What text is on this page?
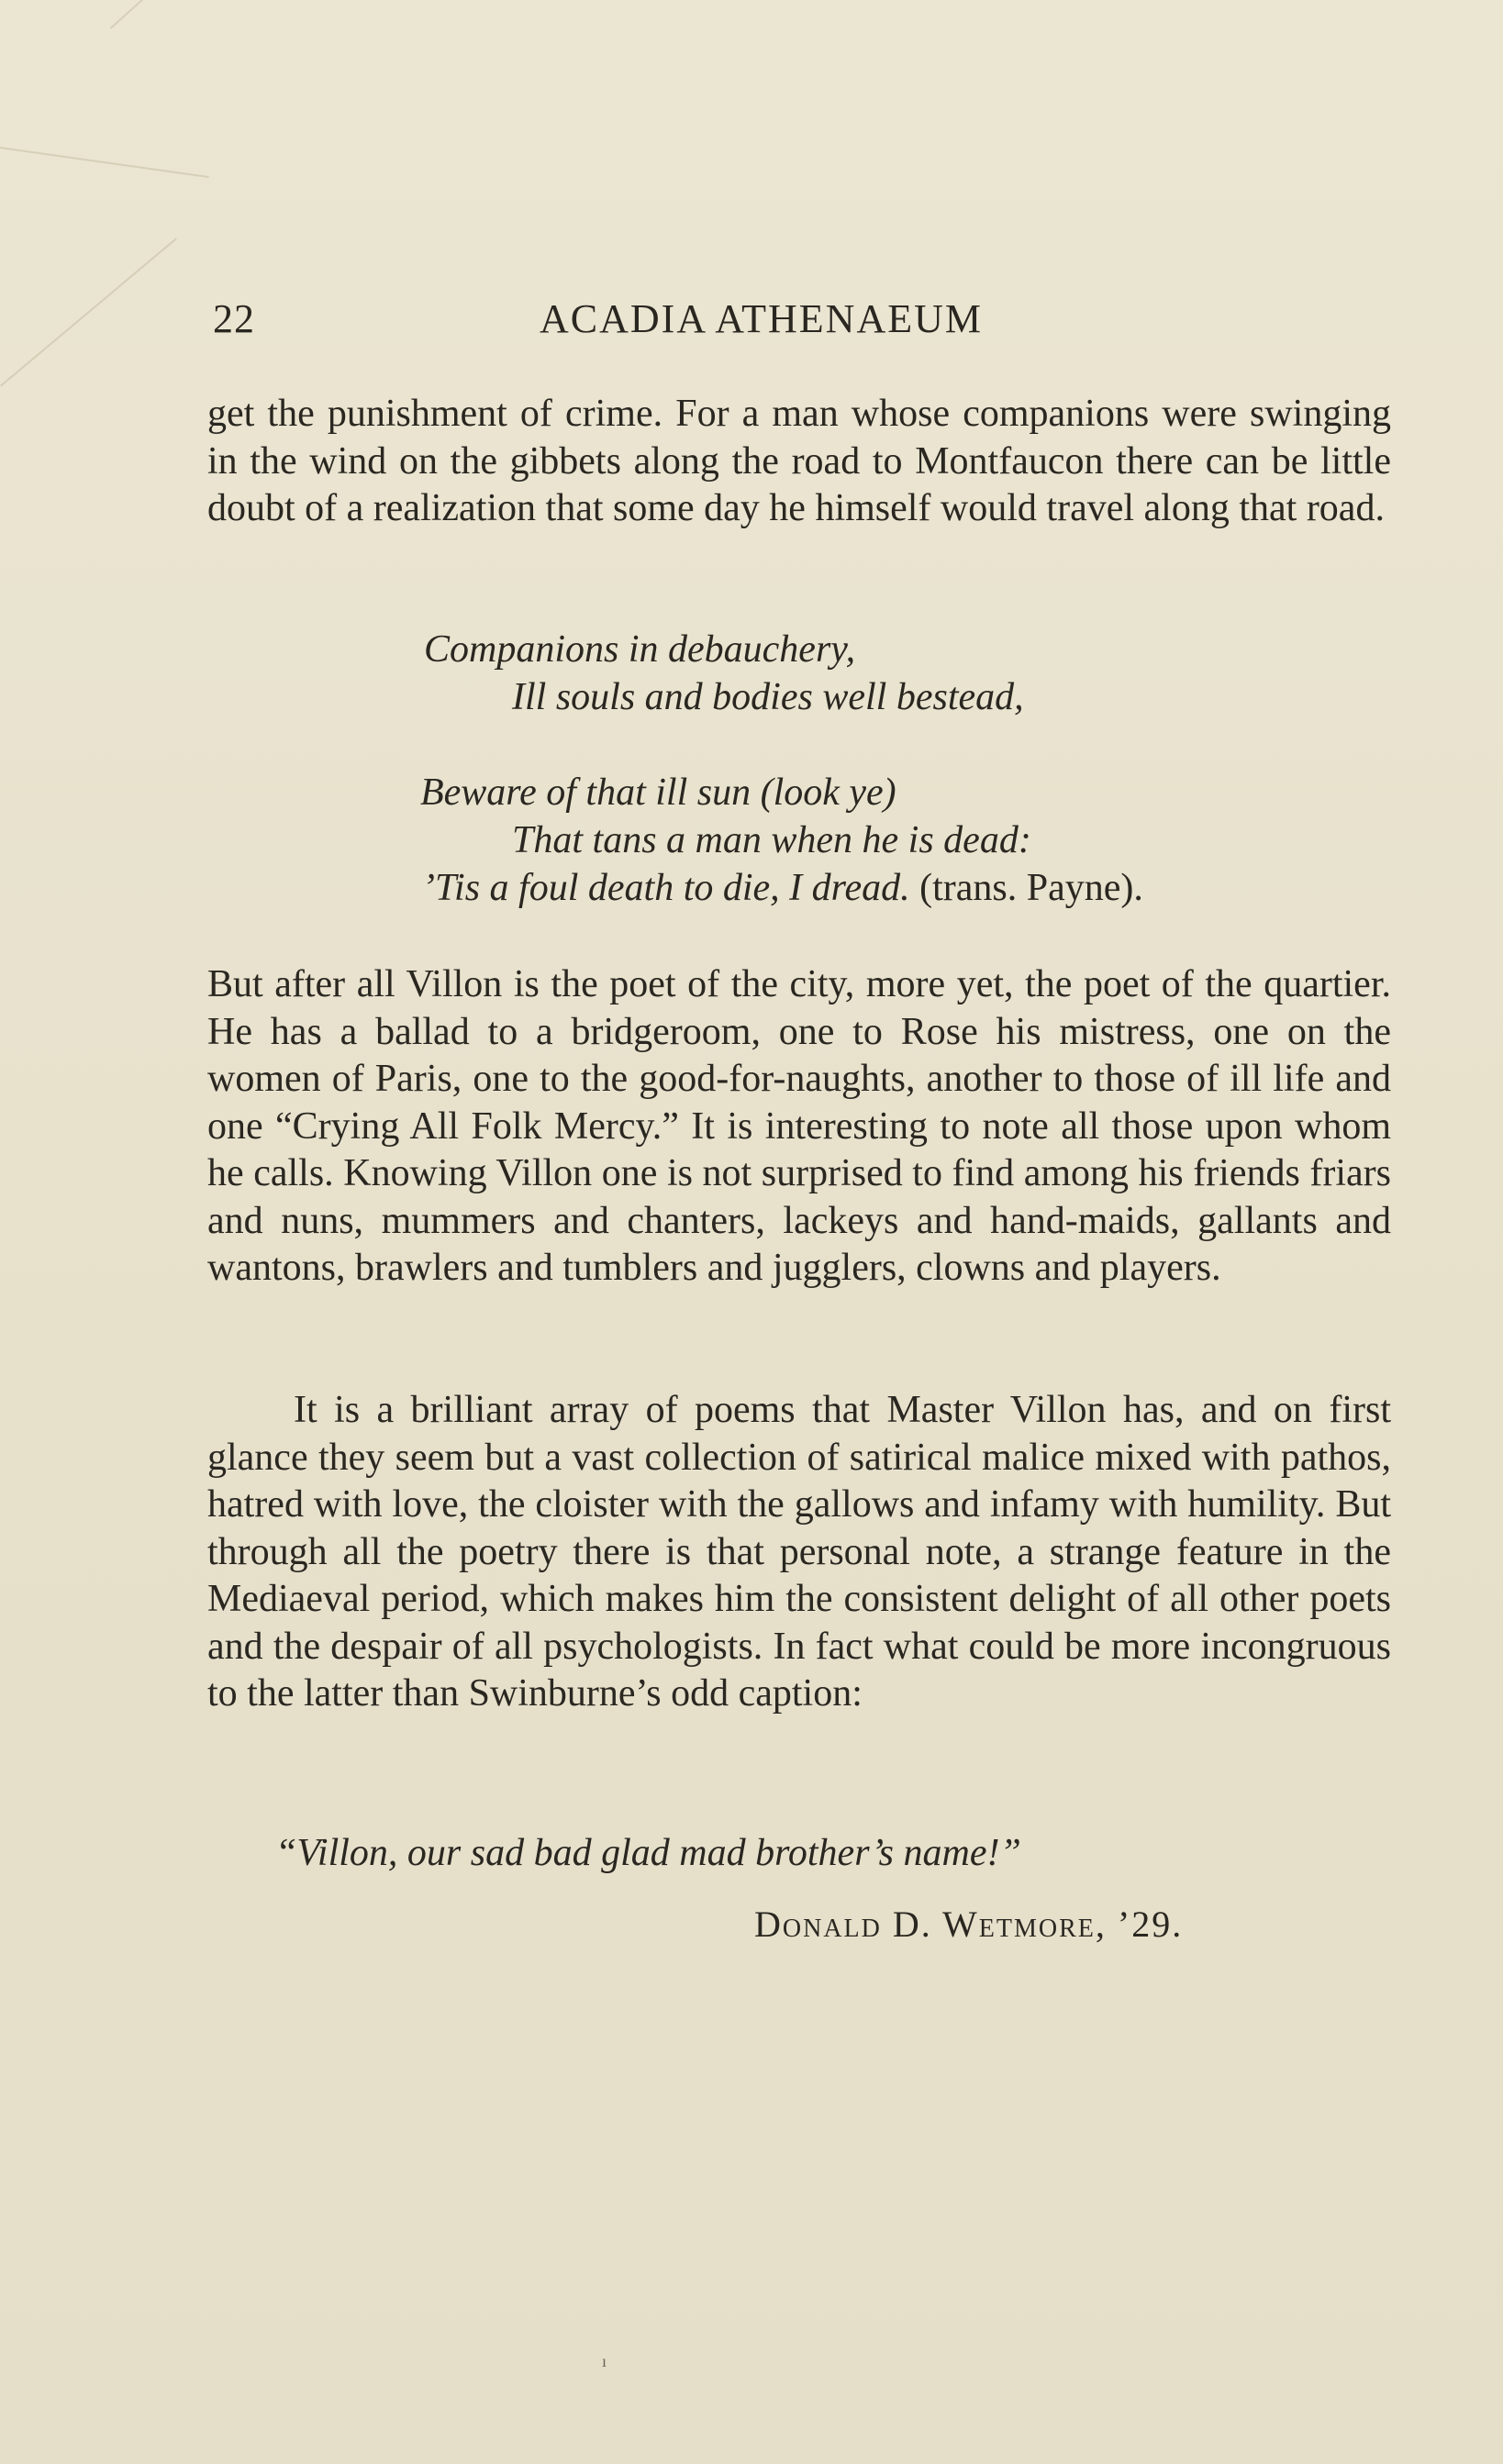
22	ACADIA ATHENAEUM

get the punishment of crime. For a man whose companions were swinging in the wind on the gibbets along the road to Montfaucon there can be little doubt of a realization that some day he himself would travel along that road.

Companions in debauchery,
Ill souls and bodies well bestead,
Beware of that ill sun (look ye)
That tans a man when he is dead:
’Tis a foul death to die, I dread. (trans. Payne).

But after all Villon is the poet of the city, more yet, the poet of the quartier. He has a ballad to a bridgeroom, one to Rose his mistress, one on the women of Paris, one to the good-for-naughts, another to those of ill life and one “Crying All Folk Mercy.” It is interesting to note all those upon whom he calls. Knowing Villon one is not surprised to find among his friends friars and nuns, mummers and chanters, lackeys and hand-maids, gallants and wantons, brawlers and tumblers and jugglers, clowns and players.

It is a brilliant array of poems that Master Villon has, and on first glance they seem but a vast collection of satirical malice mixed with pathos, hatred with love, the cloister with the gallows and infamy with humility. But through all the poetry there is that personal note, a strange feature in the Mediaeval period, which makes him the consistent delight of all other poets and the despair of all psychologists. In fact what could be more incongruous to the latter than Swinburne’s odd caption:

“Villon, our sad bad glad mad brother’s name!”
Donald D. Wetmore, ’29.
ı
